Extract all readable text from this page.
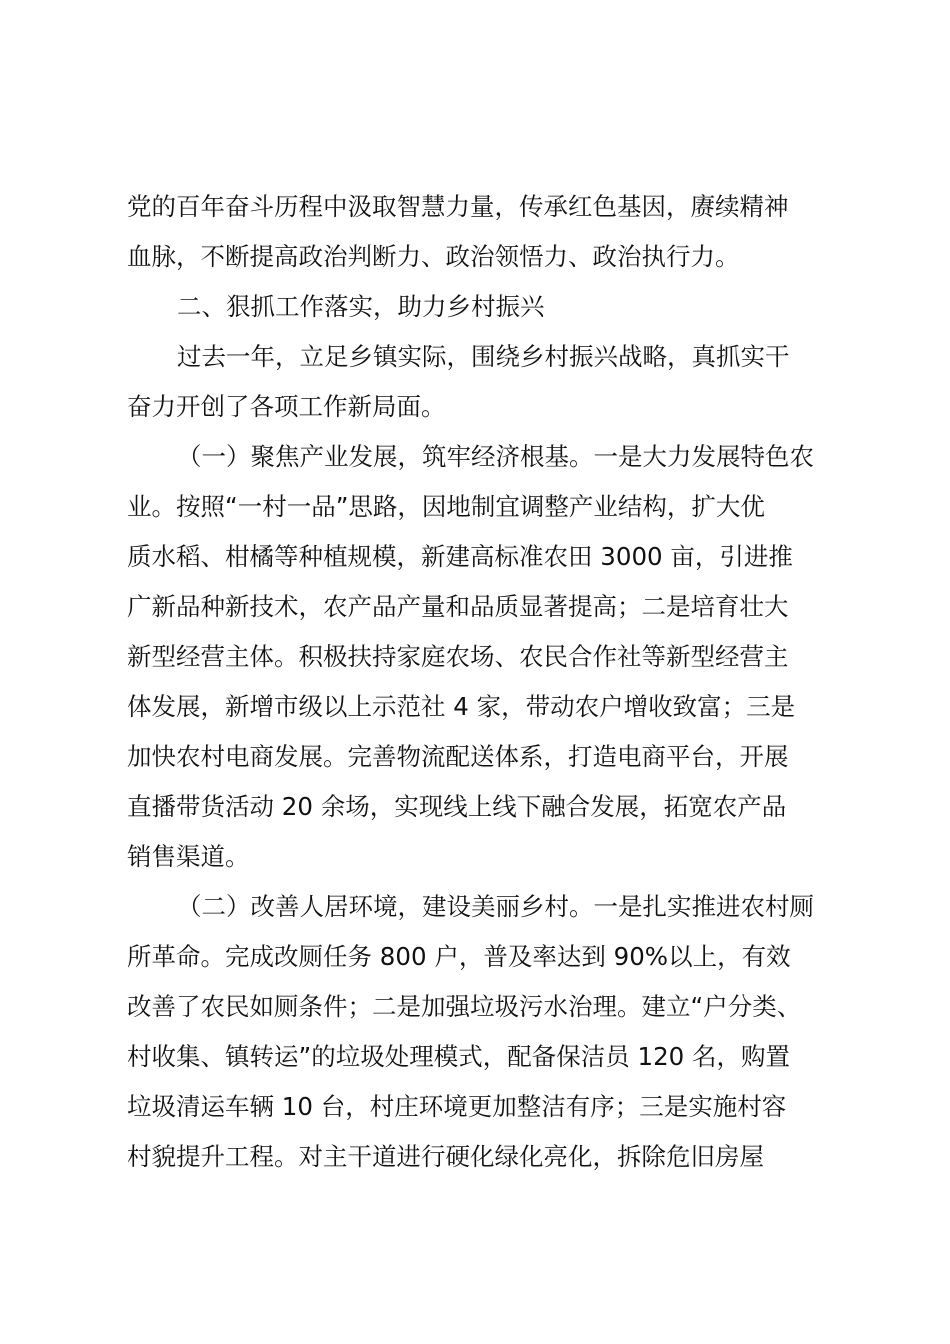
党的百年奋斗历程中汲取智慧力量，传承红色基因，赓续精神
血脉，不断提高政治判断力、政治领悟力、政治执行力。

二、狠抓工作落实，助力乡村振兴

过去一年，立足乡镇实际，围绕乡村振兴战略，真抓实干
奋力开创了各项工作新局面。

（一）聚焦产业发展，筑牢经济根基。一是大力发展特色农
业。按照“一村一品”思路，因地制宜调整产业结构，扩大优
质水稻、柑橘等种植规模，新建高标准农田 3000 亩，引进推
广新品种新技术，农产品产量和品质显著提高；二是培育壮大
新型经营主体。积极扶持家庭农场、农民合作社等新型经营主
体发展，新增市级以上示范社 4 家，带动农户增收致富；三是
加快农村电商发展。完善物流配送体系，打造电商平台，开展
直播带货活动 20 余场，实现线上线下融合发展，拓宽农产品
销售渠道。

（二）改善人居环境，建设美丽乡村。一是扎实推进农村厕
所革命。完成改厕任务 800 户，普及率达到 90%以上，有效
改善了农民如厕条件；二是加强垃圾污水治理。建立“户分类、
村收集、镇转运”的垃圾处理模式，配备保洁员 120 名，购置
垃圾清运车辆 10 台，村庄环境更加整洁有序；三是实施村容
村貌提升工程。对主干道进行硬化绿化亮化，拆除危旧房屋
